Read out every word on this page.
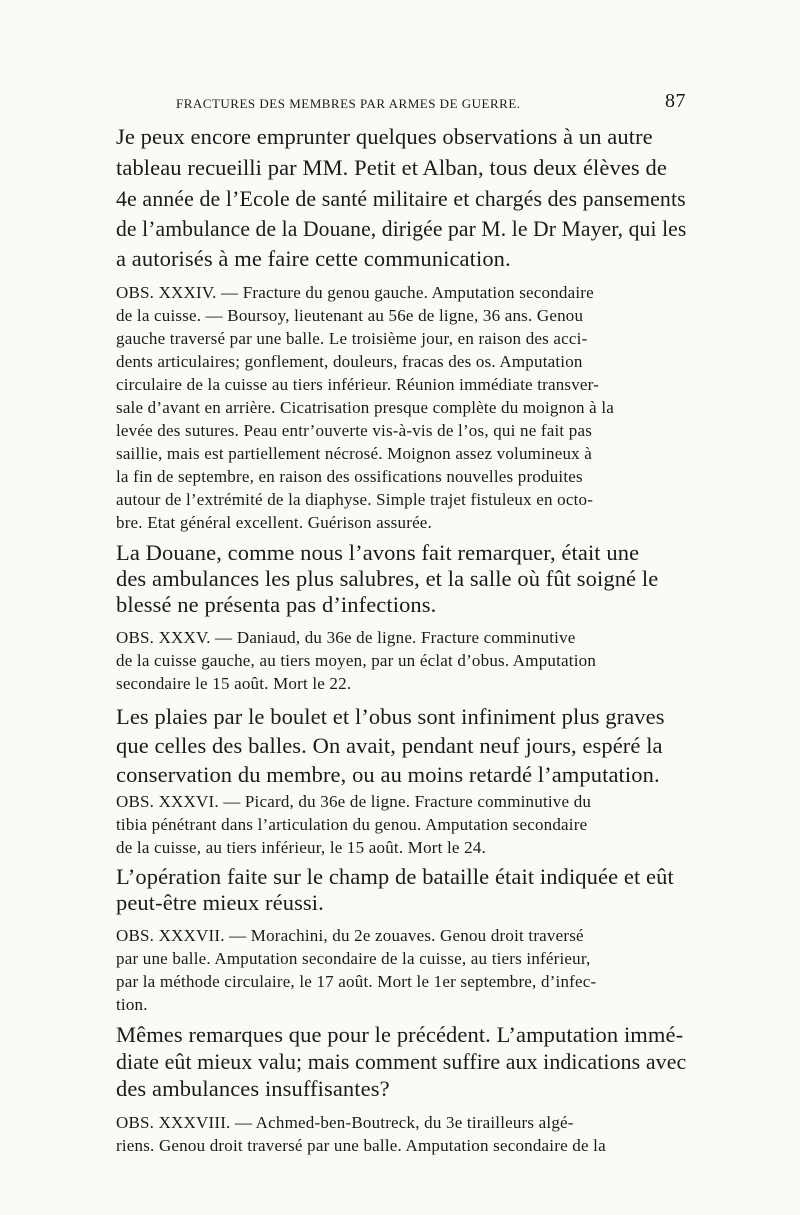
FRACTURES DES MEMBRES PAR ARMES DE GUERRE.	87
Je peux encore emprunter quelques observations à un autre
tableau recueilli par MM. Petit et Alban, tous deux élèves de
4e année de l’Ecole de santé militaire et chargés des pansements
de l’ambulance de la Douane, dirigée par M. le Dr Mayer, qui les
a autorisés à me faire cette communication.
OBS. XXXIV. — Fracture du genou gauche. Amputation secondaire
de la cuisse. — Boursoy, lieutenant au 56e de ligne, 36 ans. Genou
gauche traversé par une balle. Le troisième jour, en raison des acci-
dents articulaires; gonflement, douleurs, fracas des os. Amputation
circulaire de la cuisse au tiers inférieur. Réunion immédiate transver-
sale d’avant en arrière. Cicatrisation presque complète du moignon à la
levée des sutures. Peau entr’ouverte vis-à-vis de l’os, qui ne fait pas
saillie, mais est partiellement nécrosé. Moignon assez volumineux à
la fin de septembre, en raison des ossifications nouvelles produites
autour de l’extrémité de la diaphyse. Simple trajet fistuleux en octo-
bre. Etat général excellent. Guérison assurée.
La Douane, comme nous l’avons fait remarquer, était une
des ambulances les plus salubres, et la salle où fût soigné le
blessé ne présenta pas d’infections.
OBS. XXXV. — Daniaud, du 36e de ligne. Fracture comminutive
de la cuisse gauche, au tiers moyen, par un éclat d’obus. Amputation
secondaire le 15 août. Mort le 22.
Les plaies par le boulet et l’obus sont infiniment plus graves
que celles des balles. On avait, pendant neuf jours, espéré la
conservation du membre, ou au moins retardé l’amputation.
OBS. XXXVI. — Picard, du 36e de ligne. Fracture comminutive du
tibia pénétrant dans l’articulation du genou. Amputation secondaire
de la cuisse, au tiers inférieur, le 15 août. Mort le 24.
L’opération faite sur le champ de bataille était indiquée et eût
peut-être mieux réussi.
OBS. XXXVII. — Morachini, du 2e zouaves. Genou droit traversé
par une balle. Amputation secondaire de la cuisse, au tiers inférieur,
par la méthode circulaire, le 17 août. Mort le 1er septembre, d’infec-
tion.
Mêmes remarques que pour le précédent. L’amputation immé-
diate eût mieux valu; mais comment suffire aux indications avec
des ambulances insuffisantes?
OBS. XXXVIII. — Achmed-ben-Boutreck, du 3e tirailleurs algé-
riens. Genou droit traversé par une balle. Amputation secondaire de la
